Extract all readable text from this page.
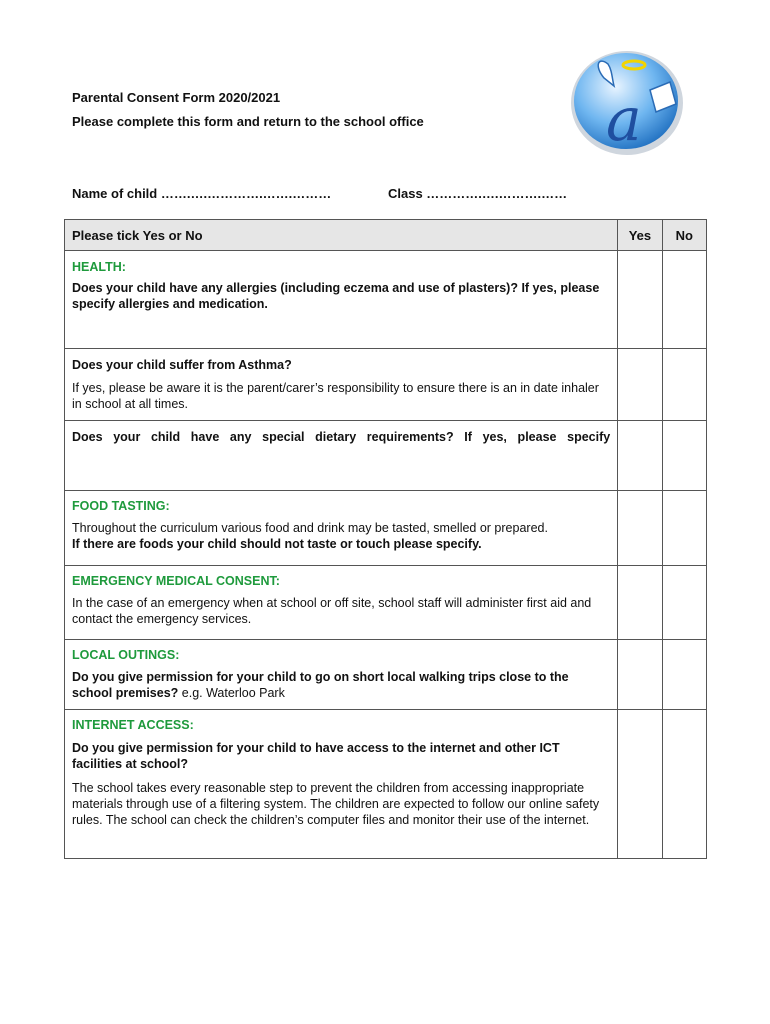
Parental Consent Form 2020/2021
Please complete this form and return to the school office	a
Name of child …….….………….…….………	Class ………….….……….……
Please tick Yes or No	Yes	No

HEALTH:

Does your child have any allergies (including eczema and use of plasters)? If yes, please specify allergies and medication.		

Does your child suffer from Asthma?

If yes, please be aware it is the parent/carer’s responsibility to ensure there is an in date inhaler in school at all times.		

Does your child have any special dietary requirements? If yes, please specify		

FOOD TASTING:

Throughout the curriculum various food and drink may be tasted, smelled or prepared.

If there are foods your child should not taste or touch please specify.		

EMERGENCY MEDICAL CONSENT:

In the case of an emergency when at school or off site, school staff will administer first aid and contact the emergency services.		

LOCAL OUTINGS:

Do you give permission for your child to go on short local walking trips close to the school premises? e.g. Waterloo Park		

INTERNET ACCESS:

Do you give permission for your child to have access to the internet and other ICT facilities at school?

The school takes every reasonable step to prevent the children from accessing inappropriate materials through use of a filtering system. The children are expected to follow our online safety rules. The school can check the children’s computer files and monitor their use of the internet.		
